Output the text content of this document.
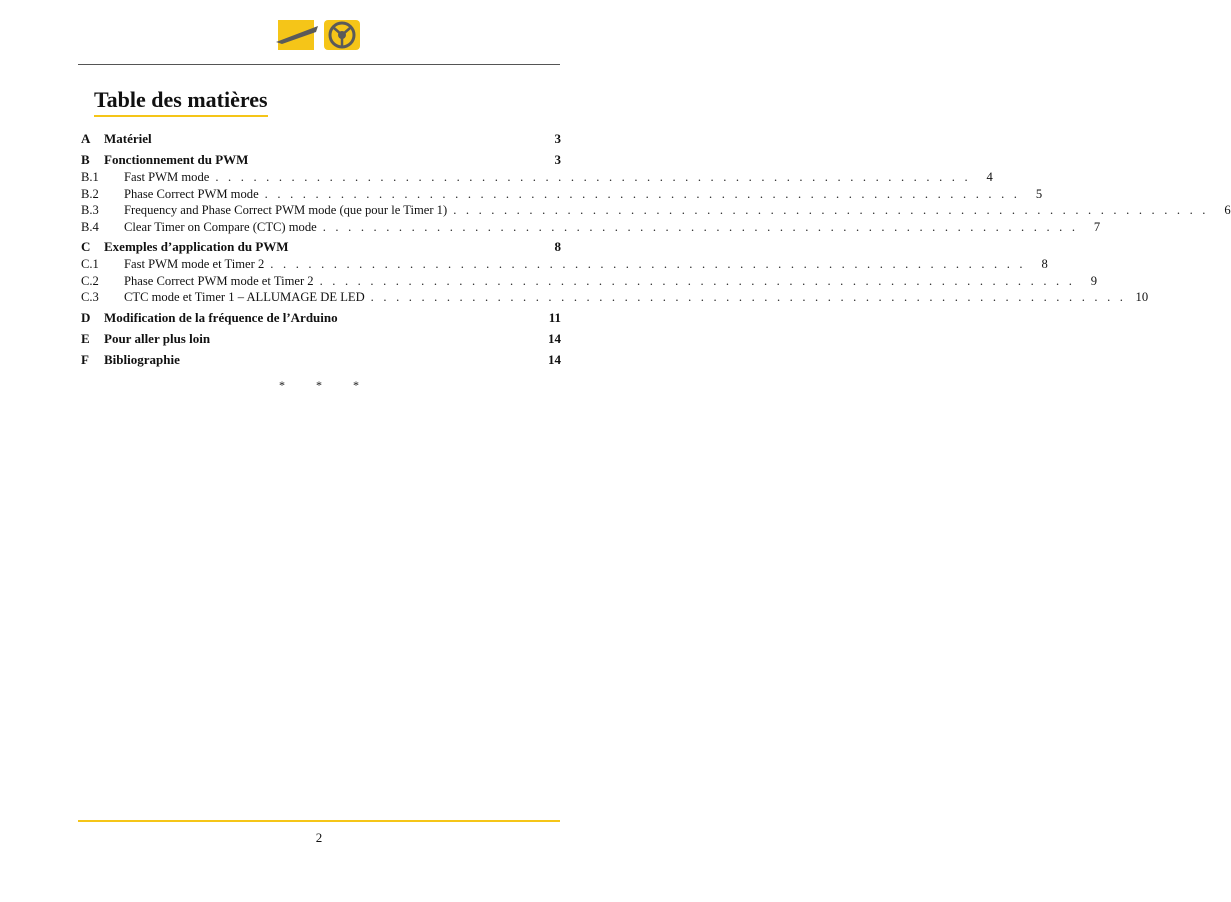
Table des matières
A	Matériel	3
B	Fonctionnement du PWM	3
B.1	Fast PWM mode . . . . . . . . . . . . . . . . . . . . . . . . . . . . . . . . . . . . . . . . . . . . . . . . . . . . . . . . . . . .	4
B.2	Phase Correct PWM mode . . . . . . . . . . . . . . . . . . . . . . . . . . . . . . . . . . . . . . . . . . . . . . . . . . . . . . . . . . . .	5
B.3	Frequency and Phase Correct PWM mode (que pour le Timer 1) . . . . . . . . . . . . . . . . . . . . . . . . . . . . . . . . . . . . . . . . . . . . . . . . . . . . . . . . . . . .	6
B.4	Clear Timer on Compare (CTC) mode . . . . . . . . . . . . . . . . . . . . . . . . . . . . . . . . . . . . . . . . . . . . . . . . . . . . . . . . . . . .	7
C	Exemples d’application du PWM	8
C.1	Fast PWM mode et Timer 2 . . . . . . . . . . . . . . . . . . . . . . . . . . . . . . . . . . . . . . . . . . . . . . . . . . . . . . . . . . . .	8
C.2	Phase Correct PWM mode et Timer 2 . . . . . . . . . . . . . . . . . . . . . . . . . . . . . . . . . . . . . . . . . . . . . . . . . . . . . . . . . . . .	9
C.3	CTC mode et Timer 1 – ALLUMAGE DE LED . . . . . . . . . . . . . . . . . . . . . . . . . . . . . . . . . . . . . . . . . . . . . . . . . . . . . . . . . . . . 10
D	Modification de la fréquence de l’Arduino	11
E	Pour aller plus loin	14
F	Bibliographie	14
* * *
2
